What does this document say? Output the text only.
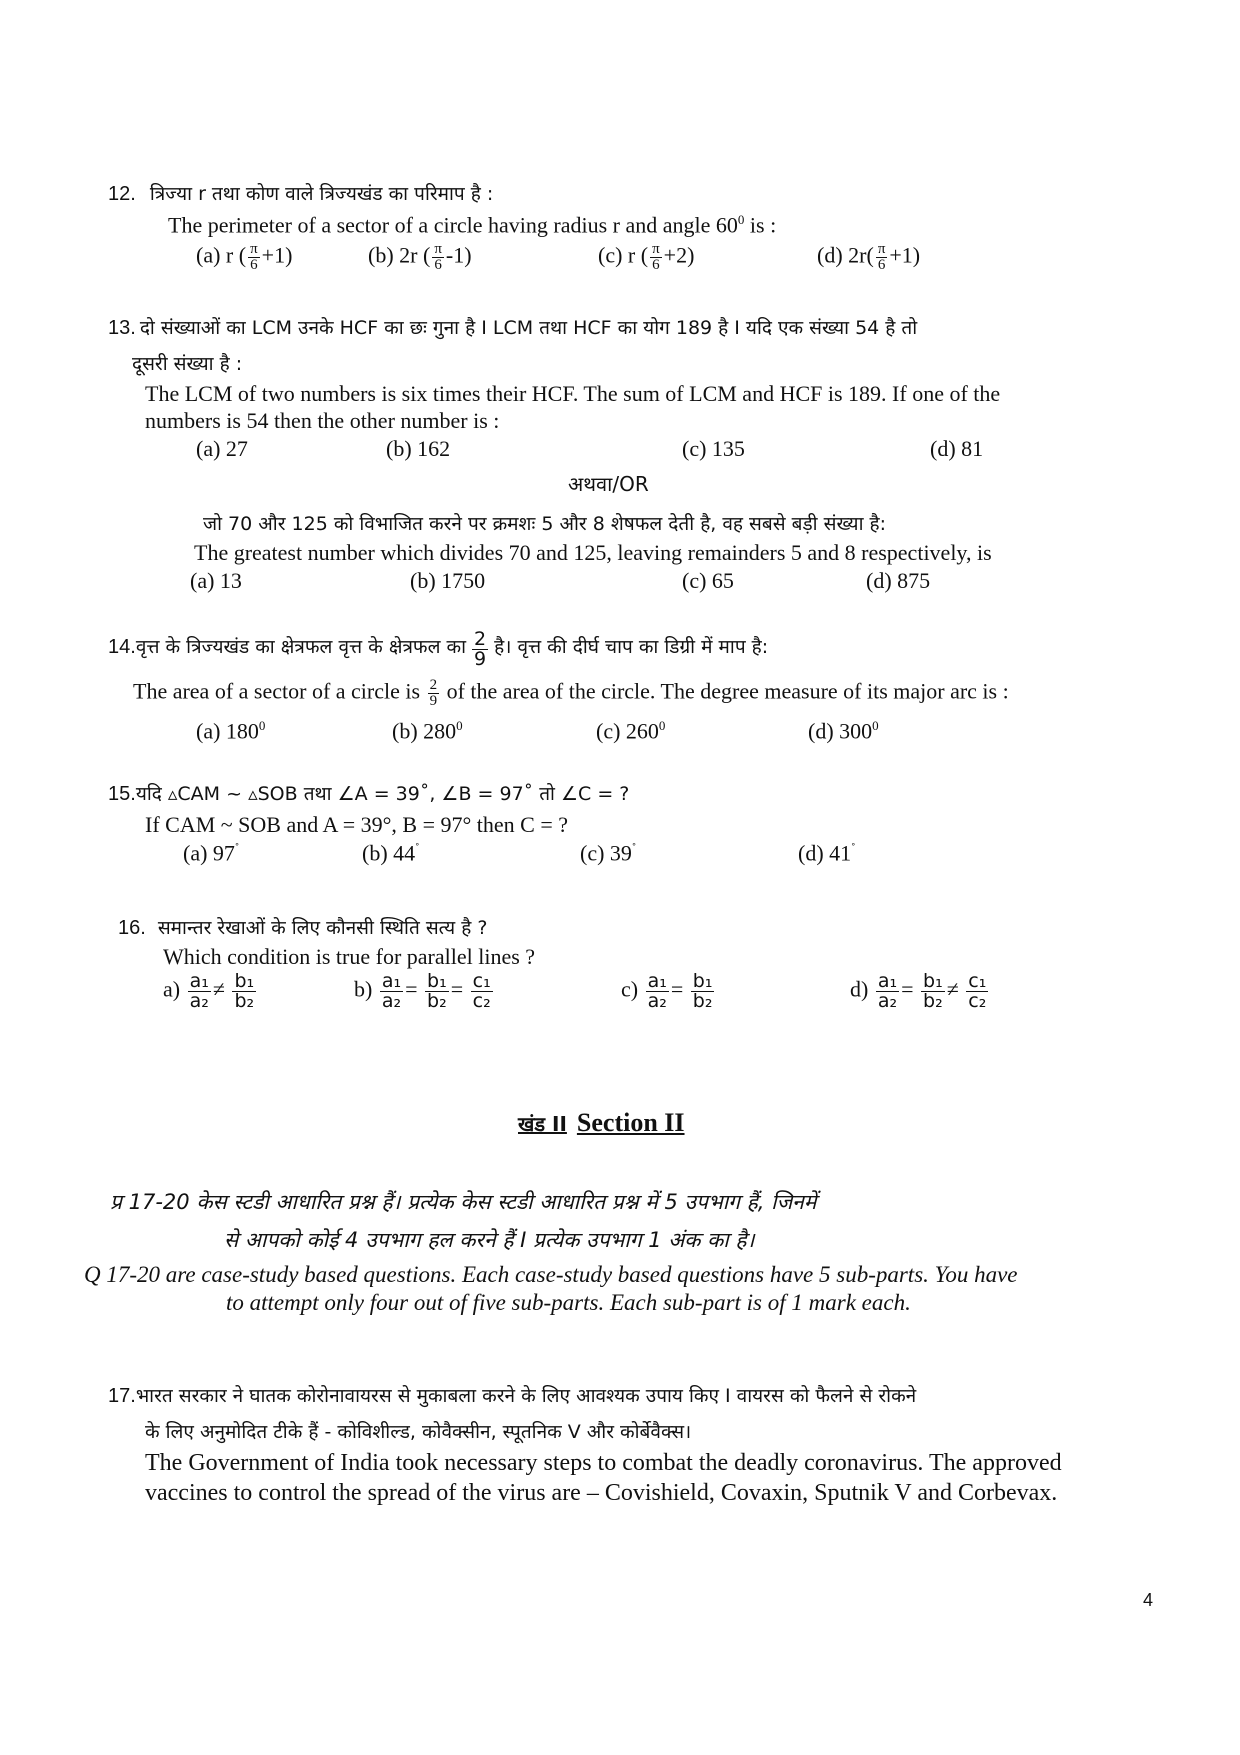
12. त्रिज्या r तथा कोण वाले त्रिज्यखंड का परिमाप है :
The perimeter of a sector of a circle having radius r and angle $60^0$ is :
(a) r ( $\frac{\pi}{6} +1$)	(b) 2r ( $\frac{\pi}{6} -1$)	(c) r ( $\frac{\pi}{6} +2$)	(d) $2r( \frac{\pi}{6} +1)$
13. दो संख्याओं का LCM उनके HCF का छः गुना है I LCM तथा HCF का योग 189 है I यदि एक संख्या 54 है तो
दूसरी संख्या है :
The LCM of two numbers is six times their HCF. The sum of LCM and HCF is 189. If one of the
numbers is 54 then the other number is :
(a) 27	(b) 162	(c) 135	(d) 81
अथवा/OR
जो 70 और 125 को विभाजित करने पर क्रमशः 5 और 8 शेषफल देती है, वह सबसे बड़ी संख्या है:
The greatest number which divides 70 and 125, leaving remainders 5 and 8 respectively, is
(a) 13	(b) 1750	(c) 65	(d) 875
14.वृत्त के त्रिज्यखंड का क्षेत्रफल वृत्त के क्षेत्रफल का $\frac{2}{9}$ है। वृत्त की दीर्घ चाप का डिग्री में माप है:
The area of a sector of a circle is $\frac{2}{9}$ of the area of the circle. The degree measure of its major arc is :
(a) $180^0$	(b) $280^0$	(c) $260^0$	(d) $300^0$
15.यदि ▵CAM ~ ▵SOB तथा ∠A = 39˚, ∠B = 97˚ तो ∠C = ?
If CAM ~ SOB and A = 39°, B = 97° then C = ?
(a) 97˚	(b) 44˚	(c) 39˚	(d) 41˚
16. समान्तर रेखाओं के लिए कौनसी स्थिति सत्य है ?
Which condition is true for parallel lines ?
$a) \frac{\text{a₁}}{\text{a₂}} \ne \frac{\text{b₁}}{\text{b₂}}$	$b) \frac{\text{a₁}}{\text{a₂}} = \frac{\text{b₁}}{\text{b₂}} = \frac{\text{c₁}}{\text{c₂}}$	$c) \frac{\text{a₁}}{\text{a₂}} = \frac{\text{b₁}}{\text{b₂}}$	$d) \frac{\text{a₁}}{\text{a₂}} = \frac{\text{b₁}}{\text{b₂}} \ne \frac{\text{c₁}}{\text{c₂}}$
खंड II Section II
प्र 17-20 केस स्टडी आधारित प्रश्न हैं। प्रत्येक केस स्टडी आधारित प्रश्न में 5 उपभाग हैं, जिनमें
से आपको कोई 4 उपभाग हल करने हैं I प्रत्येक उपभाग 1 अंक का है।
Q 17-20 are case-study based questions. Each case-study based questions have 5 sub-parts. You have
to attempt only four out of five sub-parts. Each sub-part is of 1 mark each.
17.भारत सरकार ने घातक कोरोनावायरस से मुकाबला करने के लिए आवश्यक उपाय किए I वायरस को फैलने से रोकने
के लिए अनुमोदित टीके हैं - कोविशील्ड, कोवैक्सीन, स्पूतनिक V और कोर्बेवैक्स।
The Government of India took necessary steps to combat the deadly coronavirus. The approved
vaccines to control the spread of the virus are – Covishield, Covaxin, Sputnik V and Corbevax.
4
